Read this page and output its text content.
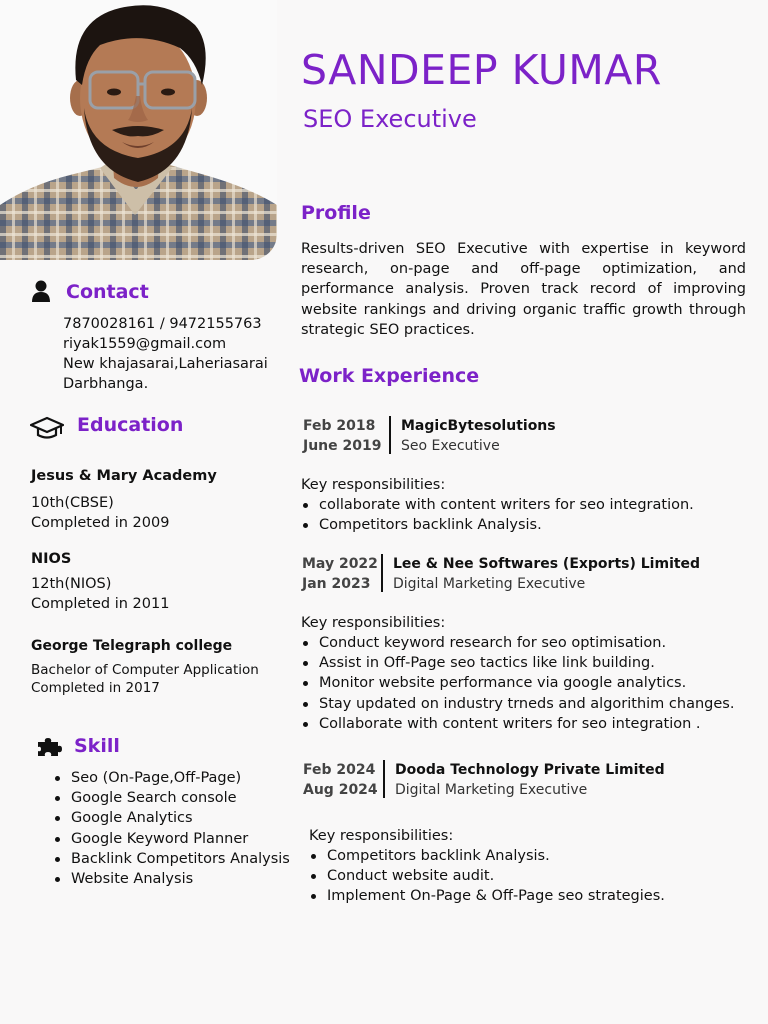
SANDEEP KUMAR
SEO Executive
Contact
7870028161 / 9472155763
riyak1559@gmail.com
New khajasarai,Laheriasarai
Darbhanga.
Education
Jesus & Mary Academy
10th(CBSE)
Completed in 2009
NIOS
12th(NIOS)
Completed in 2011
George Telegraph college
Bachelor of Computer Application
Completed in 2017
Skill
Seo (On-Page,Off-Page)
Google Search console
Google Analytics
Google Keyword Planner
Backlink Competitors Analysis
Website Analysis
Profile
Results-driven SEO Executive with expertise in keyword research, on-page and off-page optimization, and performance analysis. Proven track record of improving website rankings and driving organic traffic growth through strategic SEO practices.
Work Experience
Feb 2018
June 2019
MagicBytesolutions
Seo Executive
Key responsibilities:
collaborate with content writers for seo integration.
Competitors backlink Analysis.
May 2022
Jan 2023
Lee & Nee Softwares (Exports) Limited
Digital Marketing Executive
Key responsibilities:
Conduct keyword research for seo optimisation.
Assist in Off-Page seo tactics like link building.
Monitor website performance via google analytics.
Stay updated on industry trneds and algorithim changes.
Collaborate with content writers for seo integration .
Feb 2024
Aug 2024
Dooda Technology Private Limited
Digital Marketing Executive
Key responsibilities:
Competitors backlink Analysis.
Conduct website audit.
Implement On-Page & Off-Page seo strategies.
